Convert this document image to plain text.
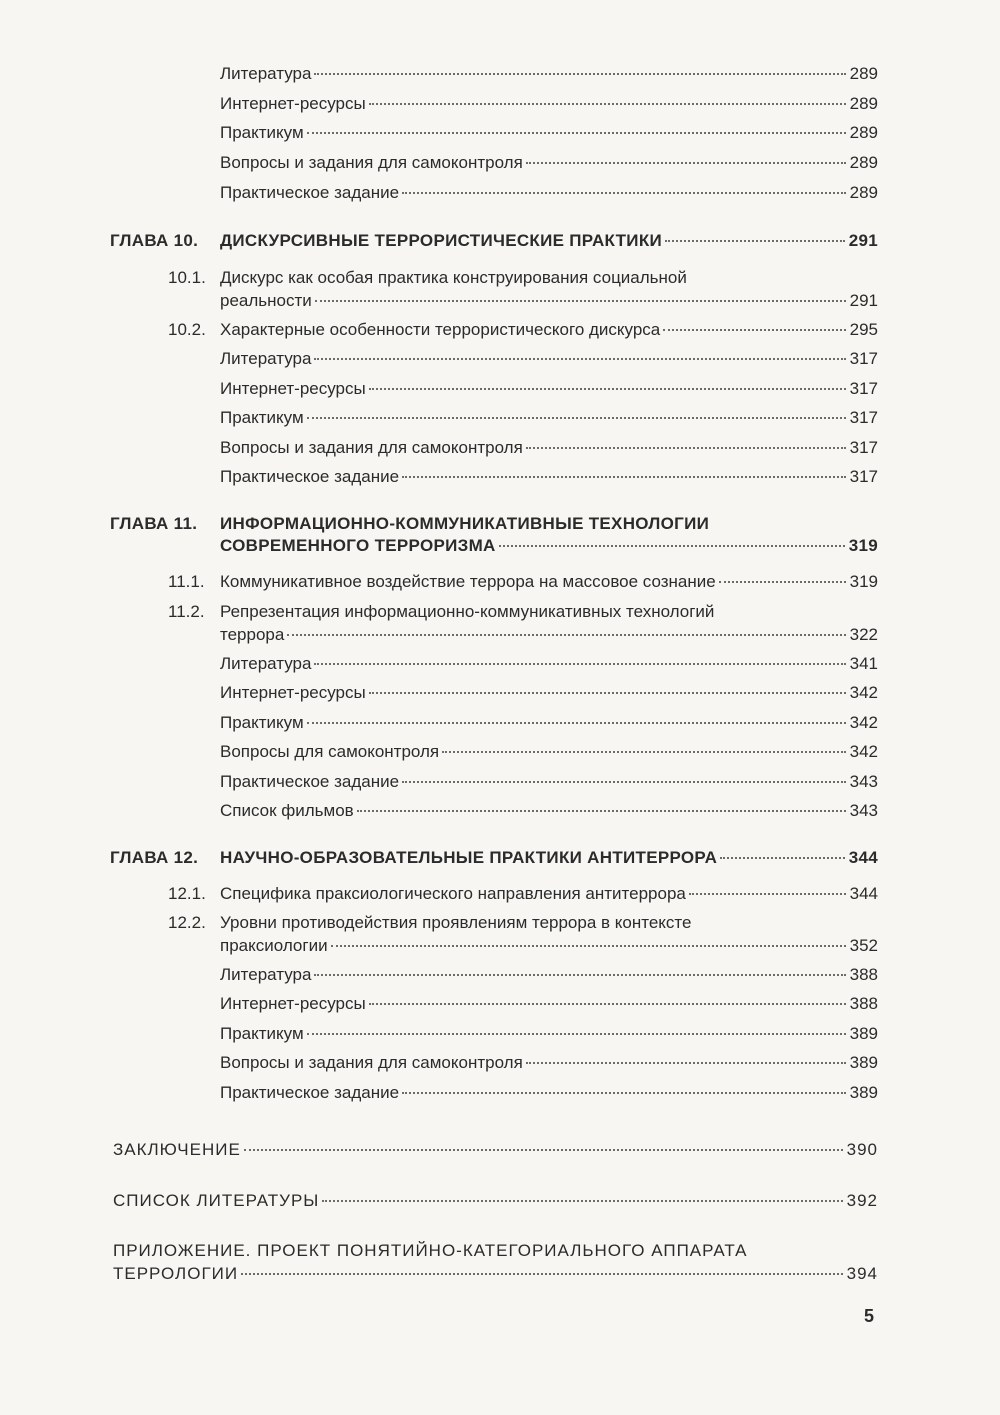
Литература	289
Интернет-ресурсы	289
Практикум	289
Вопросы и задания для самоконтроля	289
Практическое задание	289
ГЛАВА 10. ДИСКУРСИВНЫЕ ТЕРРОРИСТИЧЕСКИЕ ПРАКТИКИ	291
10.1. Дискурс как особая практика конструирования социальной
реальности	291
10.2. Характерные особенности террористического дискурса	295
Литература	317
Интернет-ресурсы	317
Практикум	317
Вопросы и задания для самоконтроля	317
Практическое задание	317
ГЛАВА 11. ИНФОРМАЦИОННО-КОММУНИКАТИВНЫЕ ТЕХНОЛОГИИ
СОВРЕМЕННОГО ТЕРРОРИЗМА	319
11.1. Коммуникативное воздействие террора на массовое сознание	319
11.2. Репрезентация информационно-коммуникативных технологий
террора	322
Литература	341
Интернет-ресурсы	342
Практикум	342
Вопросы для самоконтроля	342
Практическое задание	343
Список фильмов	343
ГЛАВА 12. НАУЧНО-ОБРАЗОВАТЕЛЬНЫЕ ПРАКТИКИ АНТИТЕРРОРА	344
12.1. Специфика праксиологического направления антитеррора	344
12.2. Уровни противодействия проявлениям террора в контексте
праксиологии	352
Литература	388
Интернет-ресурсы	388
Практикум	389
Вопросы и задания для самоконтроля	389
Практическое задание	389
ЗАКЛЮЧЕНИЕ	390
СПИСОК ЛИТЕРАТУРЫ	392
ПРИЛОЖЕНИЕ. ПРОЕКТ ПОНЯТИЙНО-КАТЕГОРИАЛЬНОГО АППАРАТА
ТЕРРОЛОГИИ	394
5
